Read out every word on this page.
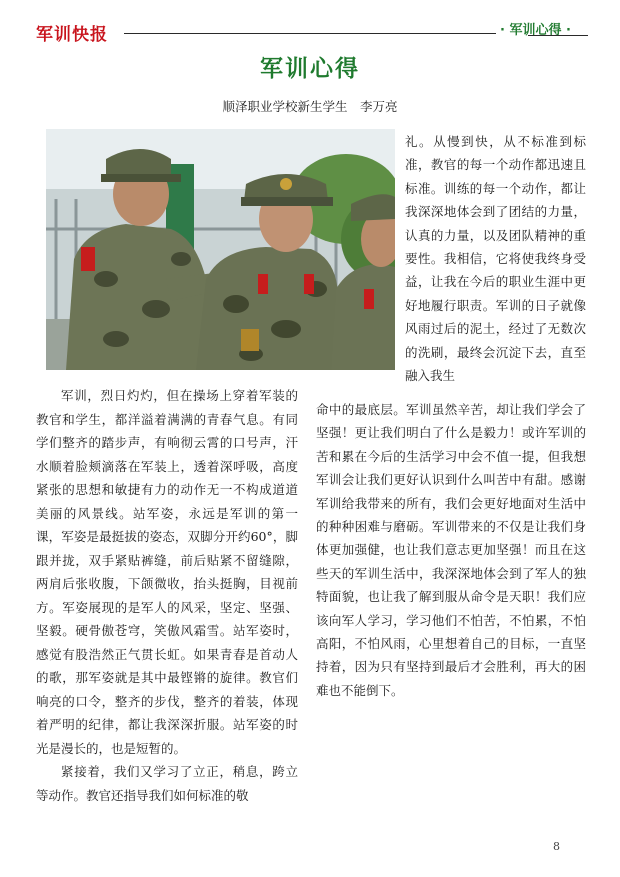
军训快报	· 军训心得 ·
军训心得
顺泽职业学校新生学生　李万亮

礼。从慢到快，从不标准到标准，教官的每一个动作都迅速且标准。训练的每一个动作，都让我深深地体会到了团结的力量，认真的力量，以及团队精神的重要性。我相信，它将使我终身受益，让我在今后的职业生涯中更好地履行职责。军训的日子就像风雨过后的泥土，经过了无数次的洗刷，最终会沉淀下去，直至融入我生

军训，烈日灼灼，但在操场上穿着军装的教官和学生，都洋溢着满满的青春气息。有同学们整齐的踏步声，有响彻云霄的口号声，汗水顺着脸颊滴落在军装上，透着深呼吸，高度紧张的思想和敏捷有力的动作无一不构成道道美丽的风景线。站军姿，永远是军训的第一课，军姿是最挺拔的姿态，双脚分开约60°，脚跟并拢，双手紧贴裤缝，前后贴紧不留缝隙，两肩后张收腹，下颌微收，抬头挺胸，目视前方。军姿展现的是军人的风采，坚定、坚强、坚毅。硬骨傲苍穹，笑傲风霜雪。站军姿时，感觉有股浩然正气贯长虹。如果青春是首动人的歌，那军姿就是其中最铿锵的旋律。教官们响亮的口令，整齐的步伐，整齐的着装，体现着严明的纪律，都让我深深折服。站军姿的时光是漫长的，也是短暂的。

紧接着，我们又学习了立正，稍息，跨立等动作。教官还指导我们如何标准的敬

命中的最底层。军训虽然辛苦，却让我们学会了坚强！更让我们明白了什么是毅力！或许军训的苦和累在今后的生活学习中会不值一提，但我想军训会让我们更好认识到什么叫苦中有甜。感谢军训给我带来的所有，我们会更好地面对生活中的种种困难与磨砺。军训带来的不仅是让我们身体更加强健，也让我们意志更加坚强！而且在这些天的军训生活中，我深深地体会到了军人的独特面貌，也让我了解到服从命令是天职！我们应该向军人学习，学习他们不怕苦，不怕累，不怕高阳，不怕风雨，心里想着自己的目标，一直坚持着，因为只有坚持到最后才会胜利，再大的困难也不能倒下。

8
